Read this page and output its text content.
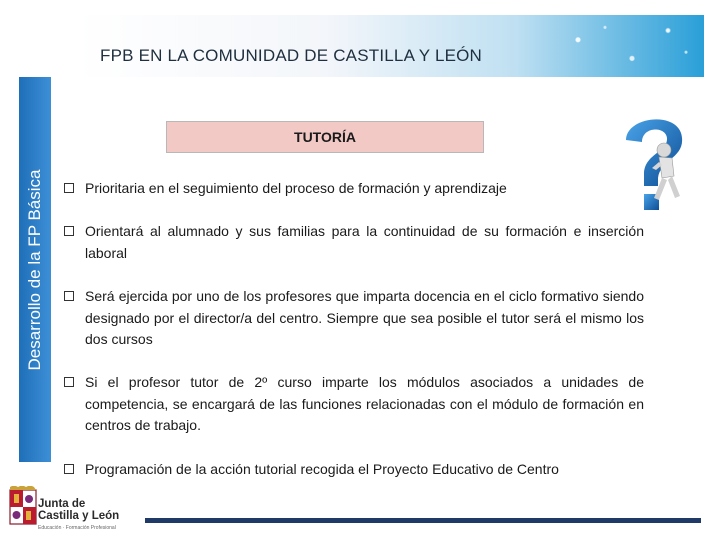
FPB EN LA COMUNIDAD DE CASTILLA Y LEÓN
Desarrollo de la FP Básica
TUTORÍA
Prioritaria en el seguimiento del proceso de formación y aprendizaje
Orientará al alumnado y sus familias para la continuidad de su formación e inserción laboral
Será ejercida por uno de los profesores que imparta docencia en el ciclo formativo siendo designado por el director/a del centro. Siempre que sea posible el tutor será el mismo los dos cursos
Si el profesor tutor de 2º curso imparte los módulos asociados a unidades de competencia, se encargará de las funciones relacionadas con el módulo de formación en centros de trabajo.
Programación de la acción tutorial recogida el Proyecto Educativo de Centro
Junta de
Castilla y León
Educación · Formación Profesional
